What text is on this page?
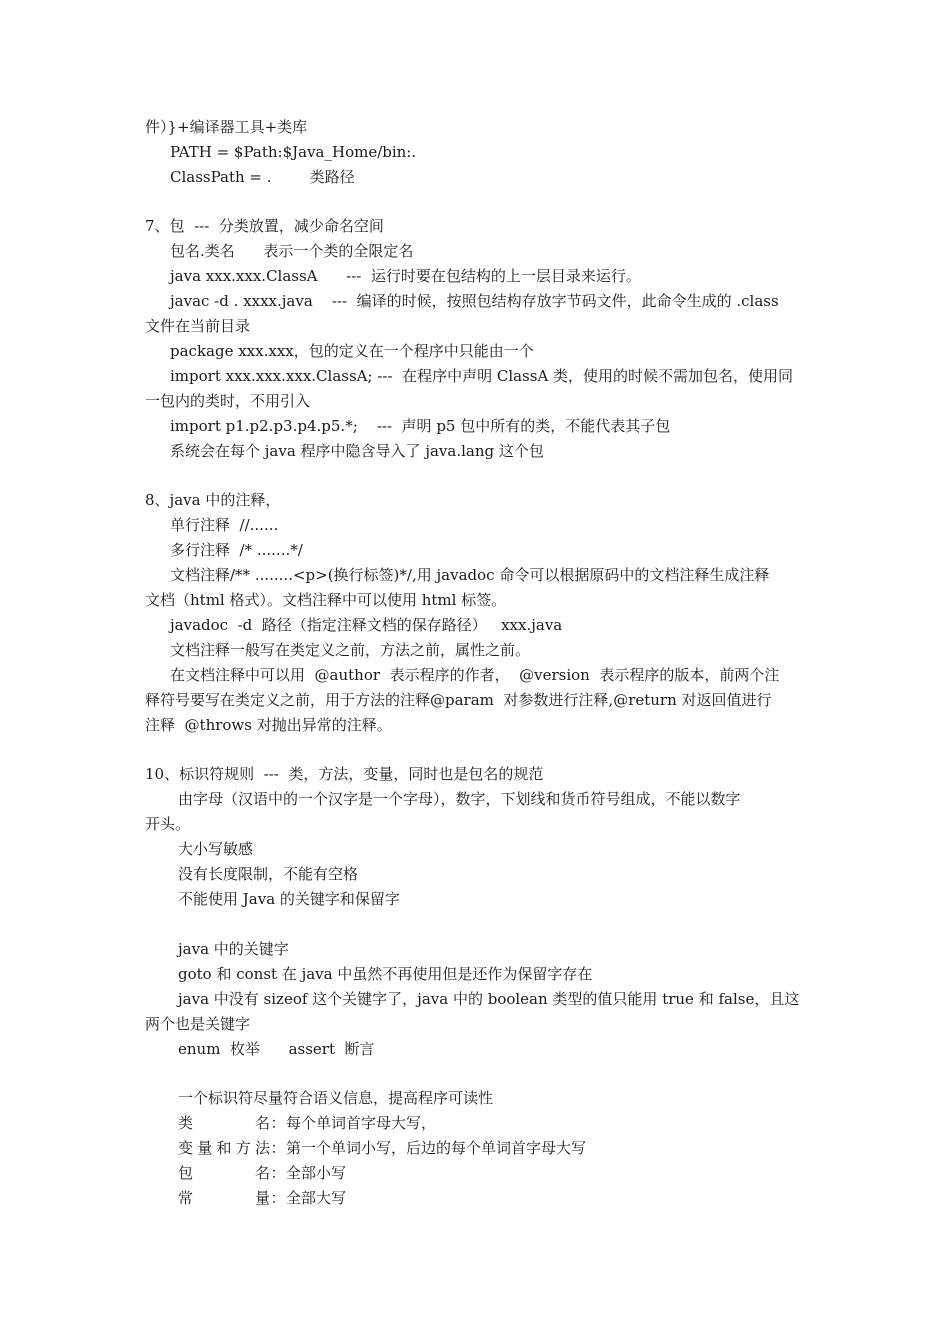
件）}+编译器工具+类库
PATH = $Path:$Java_Home/bin:.
ClassPath = .        类路径
7、包  ---  分类放置，减少命名空间
包名.类名      表示一个类的全限定名
java xxx.xxx.ClassA      ---  运行时要在包结构的上一层目录来运行。
javac -d . xxxx.java    ---  编译的时候，按照包结构存放字节码文件，此命令生成的 .class
文件在当前目录
package xxx.xxx，包的定义在一个程序中只能由一个
import xxx.xxx.xxx.ClassA; ---  在程序中声明 ClassA 类，使用的时候不需加包名，使用同
一包内的类时，不用引入
import p1.p2.p3.p4.p5.*;    ---  声明 p5 包中所有的类，不能代表其子包
系统会在每个 java 程序中隐含导入了 java.lang 这个包
8、java 中的注释，
单行注释  //......
多行注释  /* .......*/
文档注释/** ........<p>(换行标签)*/,用 javadoc 命令可以根据原码中的文档注释生成注释
文档（html 格式）。文档注释中可以使用 html 标签。
javadoc  -d  路径（指定注释文档的保存路径）   xxx.java
文档注释一般写在类定义之前，方法之前，属性之前。
在文档注释中可以用  @author  表示程序的作者，  @version  表示程序的版本，前两个注
释符号要写在类定义之前，用于方法的注释@param  对参数进行注释,@return 对返回值进行
注释  @throws 对抛出异常的注释。
10、标识符规则  ---  类，方法，变量，同时也是包名的规范
由字母（汉语中的一个汉字是一个字母），数字，下划线和货币符号组成，不能以数字
开头。
大小写敏感
没有长度限制，不能有空格
不能使用 Java 的关键字和保留字
java 中的关键字
goto 和 const 在 java 中虽然不再使用但是还作为保留字存在
java 中没有 sizeof 这个关键字了，java 中的 boolean 类型的值只能用 true 和 false，且这
两个也是关键字
enum  枚举      assert  断言
一个标识符尽量符合语义信息，提高程序可读性
类名：每个单词首字母大写，
变量和方法：第一个单词小写，后边的每个单词首字母大写
包名：全部小写
常量：全部大写
